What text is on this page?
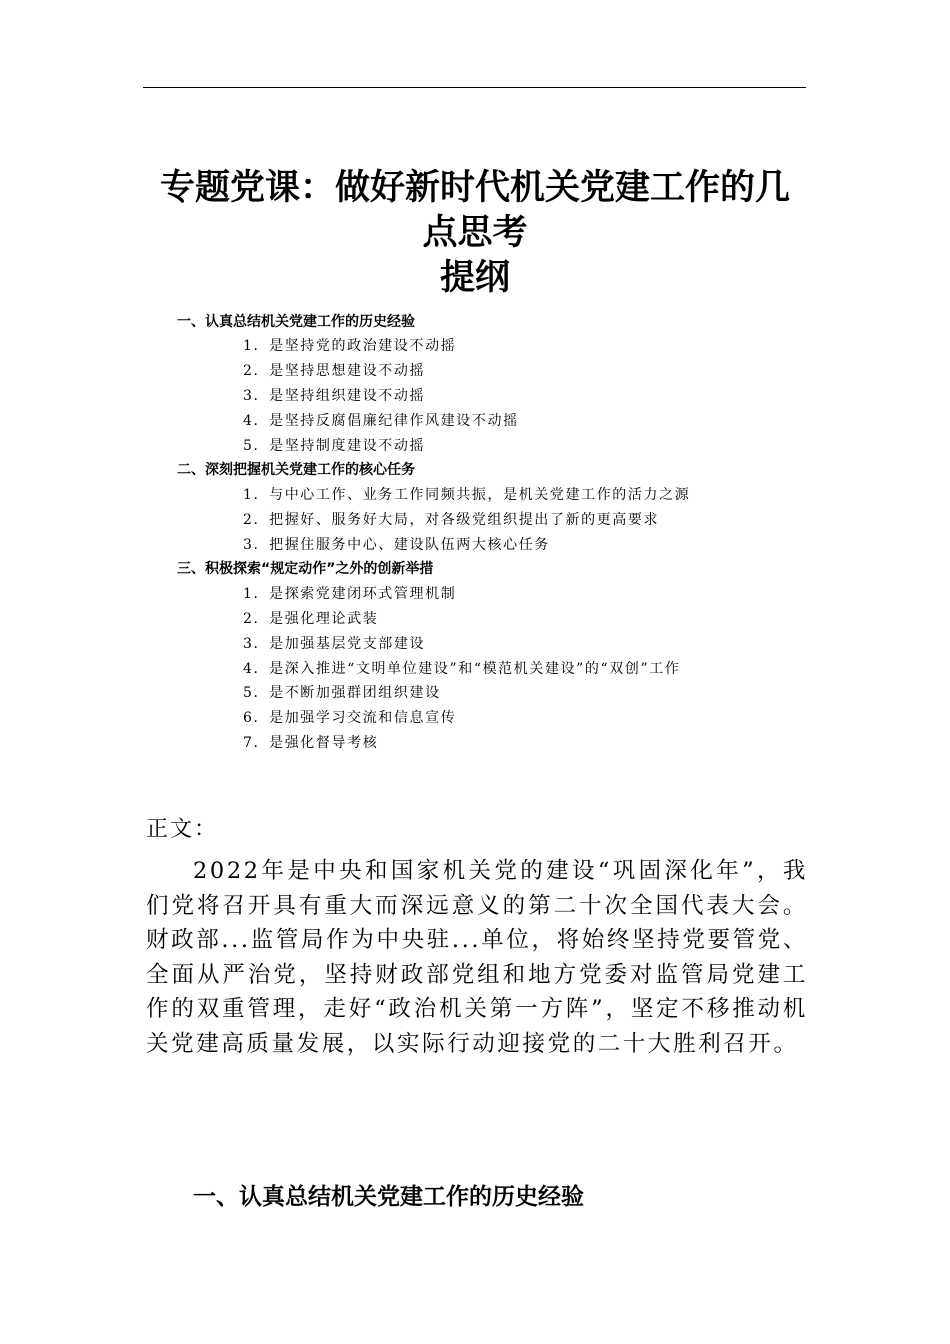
专题党课：做好新时代机关党建工作的几
点思考
提纲
一、认真总结机关党建工作的历史经验
1．是坚持党的政治建设不动摇
2．是坚持思想建设不动摇
3．是坚持组织建设不动摇
4．是坚持反腐倡廉纪律作风建设不动摇
5．是坚持制度建设不动摇
二、深刻把握机关党建工作的核心任务
1．与中心工作、业务工作同频共振，是机关党建工作的活力之源
2．把握好、服务好大局，对各级党组织提出了新的更高要求
3．把握住服务中心、建设队伍两大核心任务
三、积极探索“规定动作”之外的创新举措
1．是探索党建闭环式管理机制
2．是强化理论武装
3．是加强基层党支部建设
4．是深入推进“文明单位建设”和“模范机关建设”的“双创”工作
5．是不断加强群团组织建设
6．是加强学习交流和信息宣传
7．是强化督导考核
正文：
2022年是中央和国家机关党的建设“巩固深化年”，我们党将召开具有重大而深远意义的第二十次全国代表大会。财政部...监管局作为中央驻...单位，将始终坚持党要管党、全面从严治党，坚持财政部党组和地方党委对监管局党建工作的双重管理，走好“政治机关第一方阵”，坚定不移推动机关党建高质量发展，以实际行动迎接党的二十大胜利召开。
一、认真总结机关党建工作的历史经验
